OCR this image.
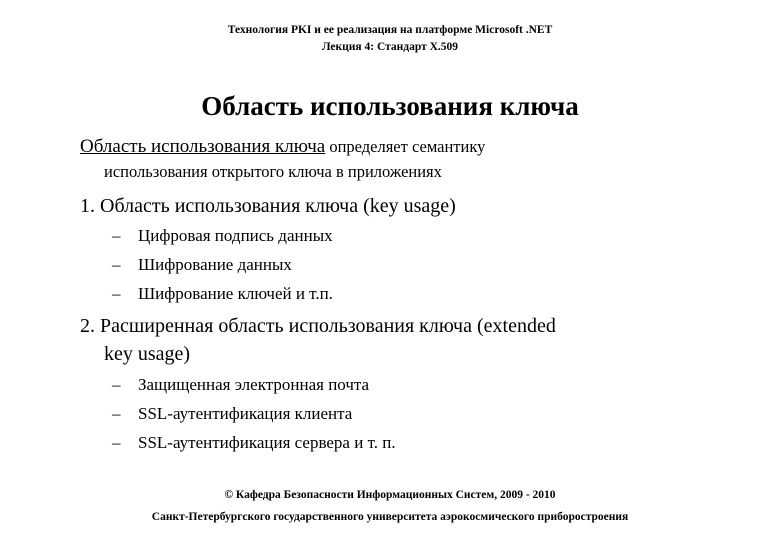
Технология PKI и ее реализация на платформе Microsoft .NET
Лекция 4: Стандарт X.509
Область использования ключа
Область использования ключа определяет семантику
использования открытого ключа в приложениях
1. Область использования ключа (key usage)
–	Цифровая подпись данных
–	Шифрование данных
–	Шифрование ключей и т.п.
2. Расширенная область использования ключа (extended
key usage)
–	Защищенная электронная почта
–	SSL-аутентификация клиента
–	SSL-аутентификация сервера и т. п.
© Кафедра Безопасности Информационных Систем, 2009 - 2010
Санкт-Петербургского государственного университета аэрокосмического приборостроения
